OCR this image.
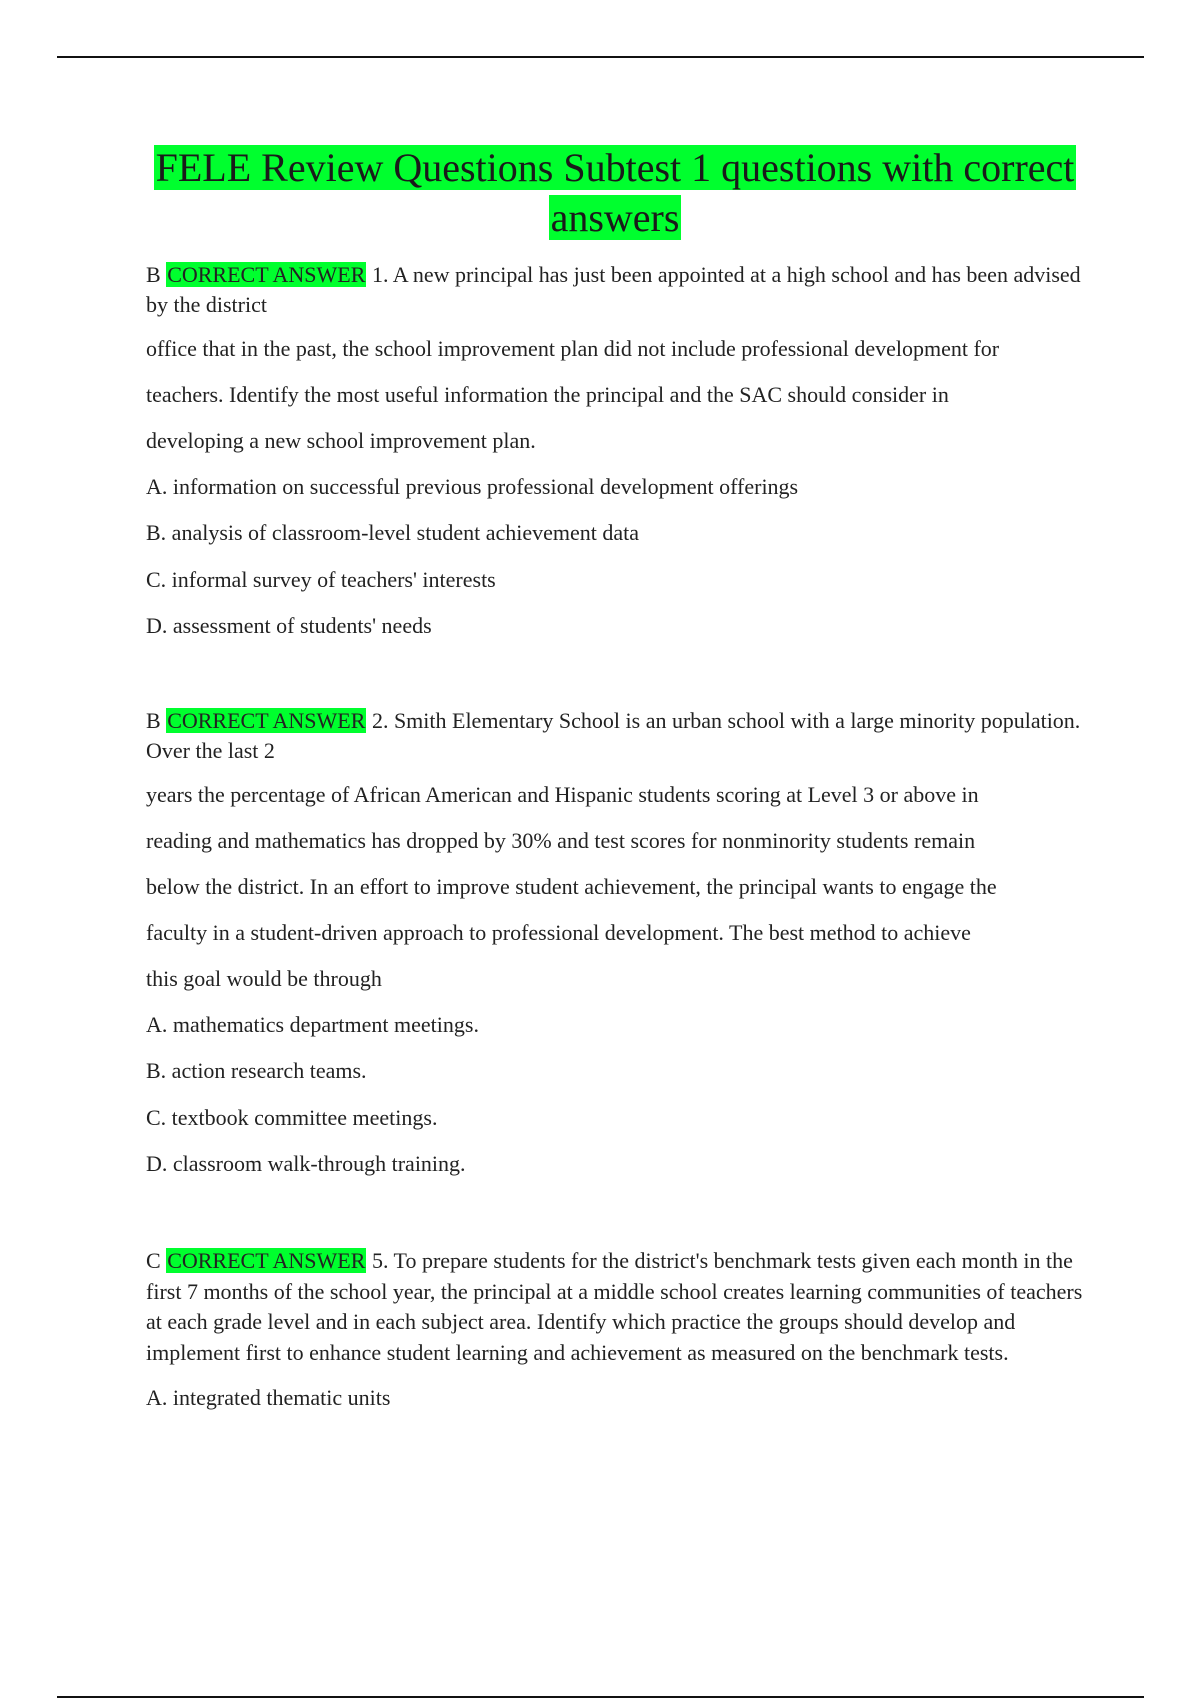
FELE Review Questions Subtest 1 questions with correct
answers

B CORRECT ANSWER 1. A new principal has just been appointed at a high school and has been advised by the district

office that in the past, the school improvement plan did not include professional development for

teachers. Identify the most useful information the principal and the SAC should consider in

developing a new school improvement plan.

A. information on successful previous professional development offerings

B. analysis of classroom-level student achievement data

C. informal survey of teachers' interests

D. assessment of students' needs

B CORRECT ANSWER 2. Smith Elementary School is an urban school with a large minority population. Over the last 2

years the percentage of African American and Hispanic students scoring at Level 3 or above in

reading and mathematics has dropped by 30% and test scores for nonminority students remain

below the district. In an effort to improve student achievement, the principal wants to engage the

faculty in a student-driven approach to professional development. The best method to achieve

this goal would be through

A. mathematics department meetings.

B. action research teams.

C. textbook committee meetings.

D. classroom walk-through training.

C CORRECT ANSWER 5. To prepare students for the district's benchmark tests given each month in the first 7 months of the school year, the principal at a middle school creates learning communities of teachers at each grade level and in each subject area. Identify which practice the groups should develop and implement first to enhance student learning and achievement as measured on the benchmark tests.

A. integrated thematic units
